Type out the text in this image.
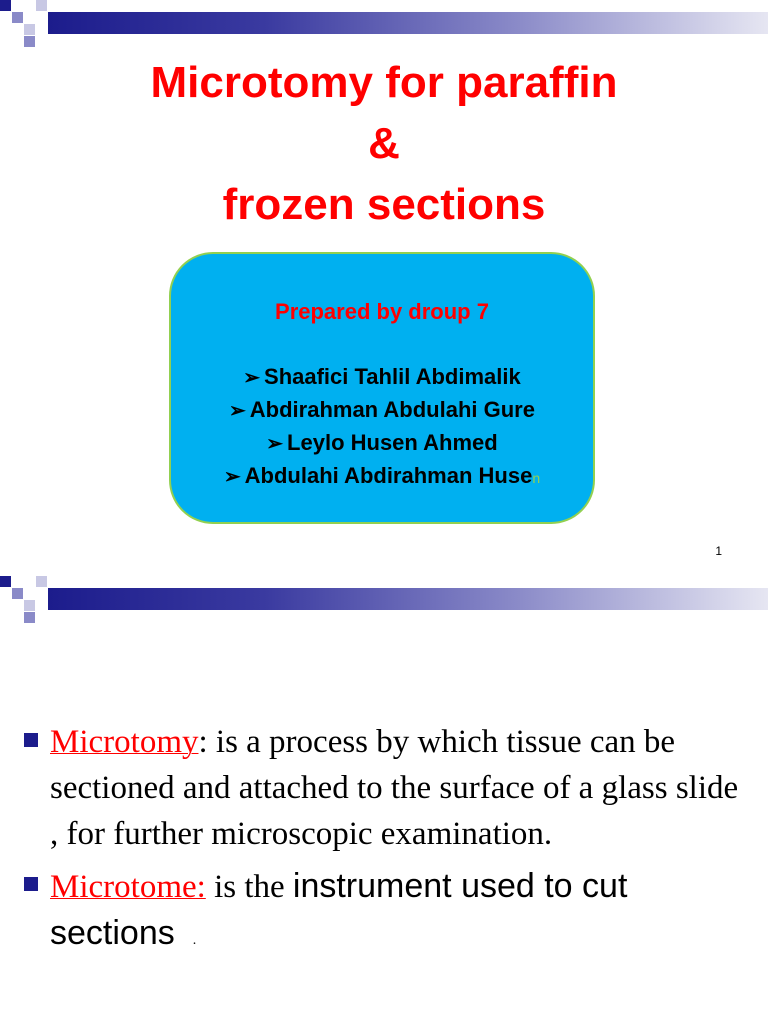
Microtomy for paraffin
&
frozen sections
Prepared by droup 7
➢ Shaafici Tahlil Abdimalik
➢ Abdirahman Abdulahi Gure
➢ Leylo Husen Ahmed
➢ Abdulahi Abdirahman Husen
1
Microtomy: is a process by which tissue can be sectioned and attached to the surface of a glass slide , for further microscopic examination.
Microtome: is the instrument used to cut sections .
